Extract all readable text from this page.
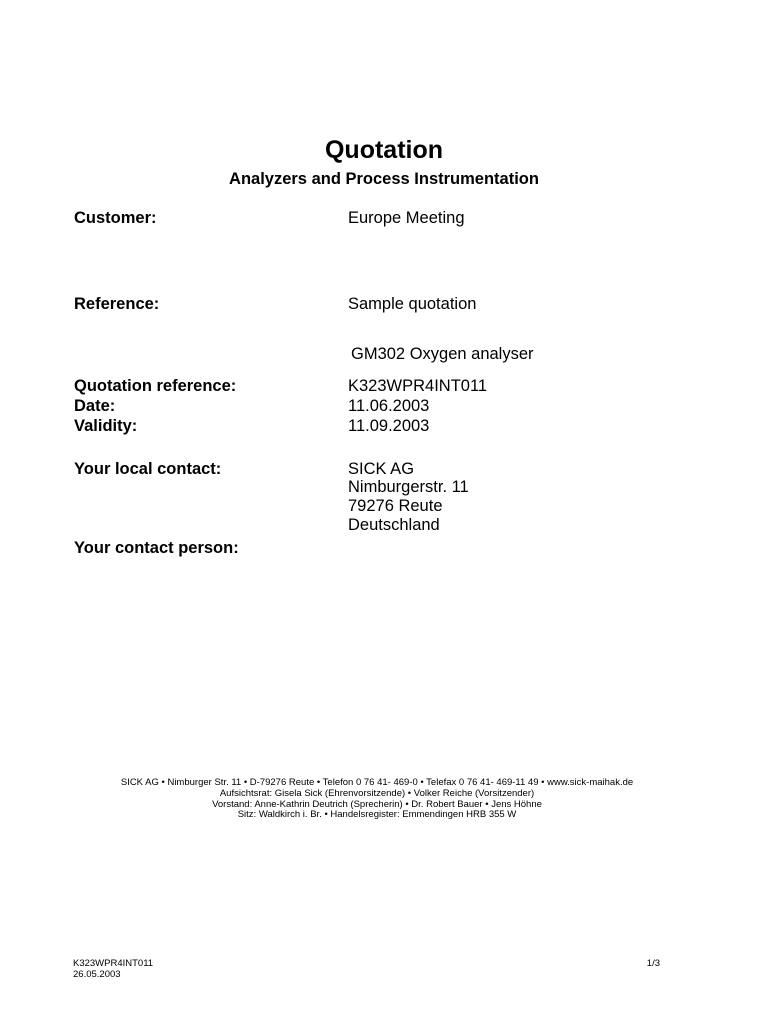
Quotation
Analyzers and Process Instrumentation
Customer:	Europe Meeting
Reference:	Sample quotation
GM302 Oxygen analyser
Quotation reference:	K323WPR4INT011
Date:	11.06.2003
Validity:	11.09.2003
Your local contact:	SICK AG
Nimburgerstr. 11
79276 Reute
Deutschland
Your contact person:
SICK AG • Nimburger Str. 11 • D-79276 Reute • Telefon 0 76 41- 469-0 • Telefax 0 76 41- 469-11 49 • www.sick-maihak.de
Aufsichtsrat: Gisela Sick (Ehrenvorsitzende) • Volker Reiche (Vorsitzender)
Vorstand: Anne-Kathrin Deutrich (Sprecherin) • Dr. Robert Bauer • Jens Höhne
Sitz: Waldkirch i. Br. • Handelsregister: Emmendingen HRB 355 W
K323WPR4INT011
26.05.2003
1/3
